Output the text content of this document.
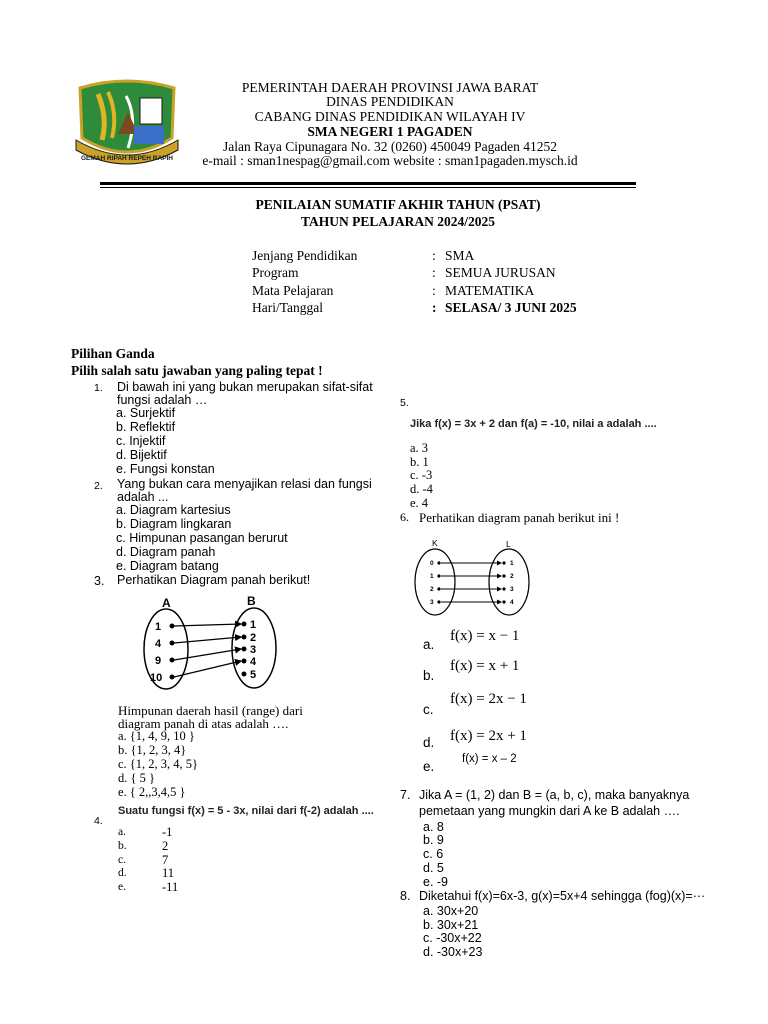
GEMAH RIPAH REPEH RAPIH
PEMERINTAH DAERAH PROVINSI JAWA BARAT
DINAS PENDIDIKAN
CABANG DINAS PENDIDIKAN WILAYAH IV
SMA NEGERI 1 PAGADEN
Jalan Raya Cipunagara No. 32 (0260) 450049 Pagaden 41252
e-mail : sman1nespag@gmail.com website : sman1pagaden.mysch.id
PENILAIAN SUMATIF AKHIR TAHUN (PSAT)
TAHUN PELAJARAN 2024/2025
Jenjang Pendidikan	: SMA
Program	: SEMUA JURUSAN
Mata Pelajaran	: MATEMATIKA
Hari/Tanggal	: SELASA/ 3 JUNI 2025
Pilihan Ganda
Pilih salah satu jawaban yang paling tepat !
1. Di bawah ini yang bukan merupakan sifat-sifat
fungsi adalah …
a. Surjektif
b. Reflektif
c. Injektif
d. Bijektif
e. Fungsi konstan
2. Yang bukan cara menyajikan relasi dan fungsi
adalah ...
a. Diagram kartesius
b. Diagram lingkaran
c. Himpunan pasangan berurut
d. Diagram panah
e. Diagram batang
3. Perhatikan Diagram panah berikut!
A	B
1
4
9
10
1
2
3
4
5
Himpunan daerah hasil (range) dari
diagram panah di atas adalah ….
a. {1, 4, 9, 10 }
b. {1, 2, 3, 4}
c. {1, 2, 3, 4, 5}
d. { 5 }
e. { 2,,3,4,5 }
Suatu fungsi f(x) = 5 - 3x, nilai dari f(-2) adalah ....
4.
a.	-1
b.	2
c.	7
d.	11
e.	-11
5.
Jika f(x) = 3x + 2 dan f(a) = -10, nilai a adalah ....
a. 3
b. 1
c. -3
d. -4
e. 4
6. Perhatikan diagram panah berikut ini !
K	L
0
1
2
3
1
2
3
4
a.
f(x) = x − 1
b.
f(x) = x + 1
c.
f(x) = 2x − 1
d. f(x) = 2x + 1
e. f(x) = x – 2
7. Jika A = (1, 2) dan B = (a, b, c), maka banyaknya
pemetaan yang mungkin dari A ke B adalah ….
a. 8
b. 9
c. 6
d. 5
e. -9
8. Diketahui f(x)=6x-3, g(x)=5x+4 sehingga (fog)(x)=···
a. 30x+20
b. 30x+21
c. -30x+22
d. -30x+23
